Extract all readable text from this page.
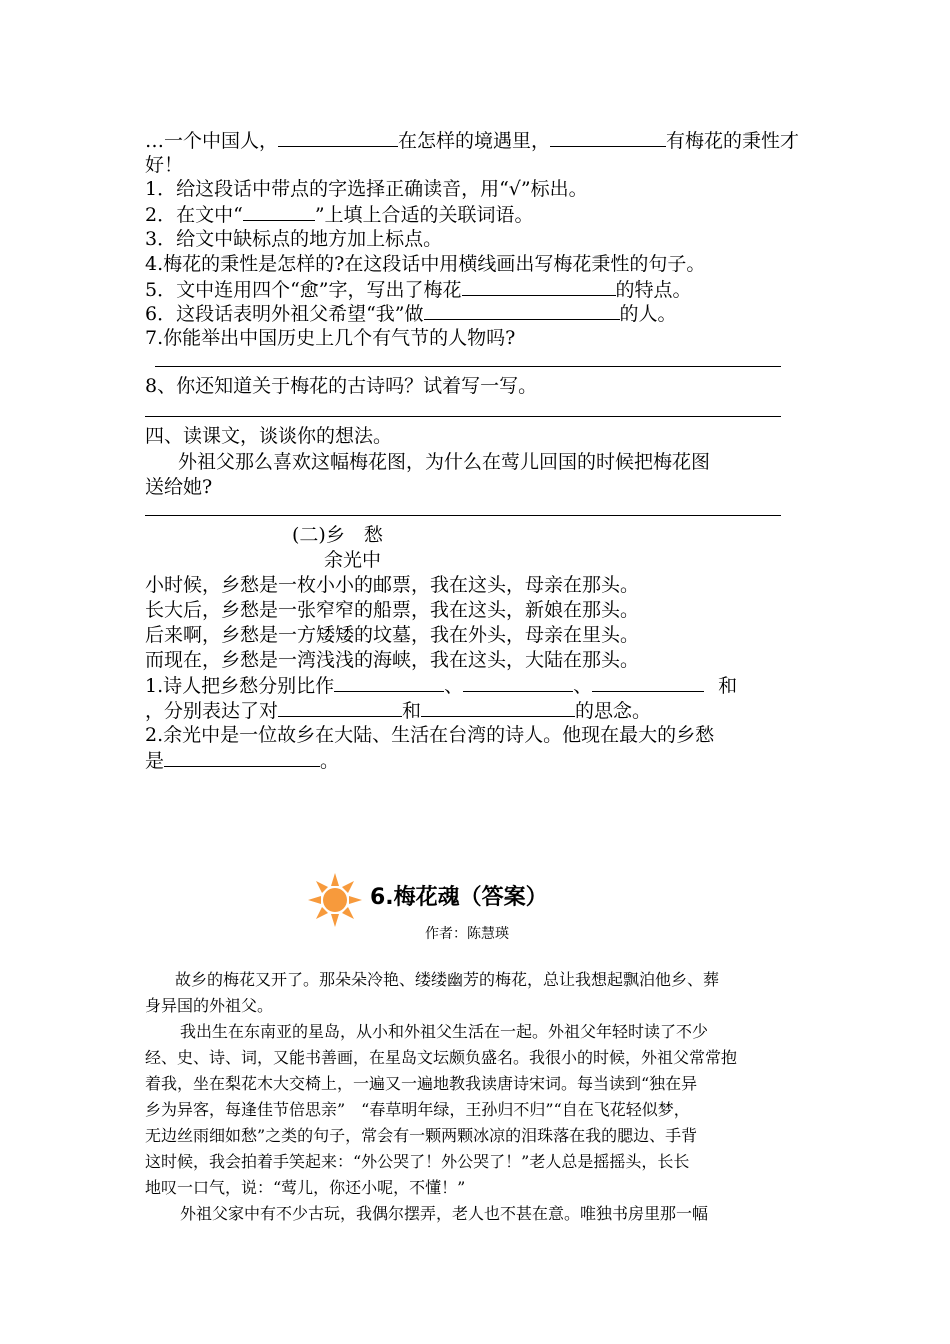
…一个中国人，	在怎样的境遇里，	有梅花的秉性才
好！
1．给这段话中带点的字选择正确读音，用“√”标出。
2．在文中“	”上填上合适的关联词语。
3．给文中缺标点的地方加上标点。
4.梅花的秉性是怎样的?在这段话中用横线画出写梅花秉性的句子。
5．文中连用四个“愈”字，写出了梅花	的特点。
6．这段话表明外祖父希望“我”做	的人。
7.你能举出中国历史上几个有气节的人物吗?
8、你还知道关于梅花的古诗吗？试着写一写。
四、读课文，谈谈你的想法。
外祖父那么喜欢这幅梅花图，为什么在莺儿回国的时候把梅花图
送给她?
(二)乡　愁
余光中
小时候，乡愁是一枚小小的邮票，我在这头，母亲在那头。
长大后，乡愁是一张窄窄的船票，我在这头，新娘在那头。
后来啊，乡愁是一方矮矮的坟墓，我在外头，母亲在里头。
而现在，乡愁是一湾浅浅的海峡，我在这头，大陆在那头。
1.诗人把乡愁分别比作	、	、	和
，分别表达了对	和	的思念。
2.余光中是一位故乡在大陆、生活在台湾的诗人。他现在最大的乡愁
是	。
6.梅花魂（答案）
作者：陈慧瑛
故乡的梅花又开了。那朵朵冷艳、缕缕幽芳的梅花，总让我想起飘泊他乡、葬
身异国的外祖父。
我出生在东南亚的星岛，从小和外祖父生活在一起。外祖父年轻时读了不少
经、史、诗、词，又能书善画，在星岛文坛颇负盛名。我很小的时候，外祖父常常抱
着我，坐在梨花木大交椅上，一遍又一遍地教我读唐诗宋词。每当读到“独在异
乡为异客，每逢佳节倍思亲”　“春草明年绿，王孙归不归”“自在飞花轻似梦，
无边丝雨细如愁”之类的句子，常会有一颗两颗冰凉的泪珠落在我的腮边、手背
这时候，我会拍着手笑起来：“外公哭了！外公哭了！”老人总是摇摇头，长长
地叹一口气，说：“莺儿，你还小呢，不懂！”
外祖父家中有不少古玩，我偶尔摆弄，老人也不甚在意。唯独书房里那一幅
